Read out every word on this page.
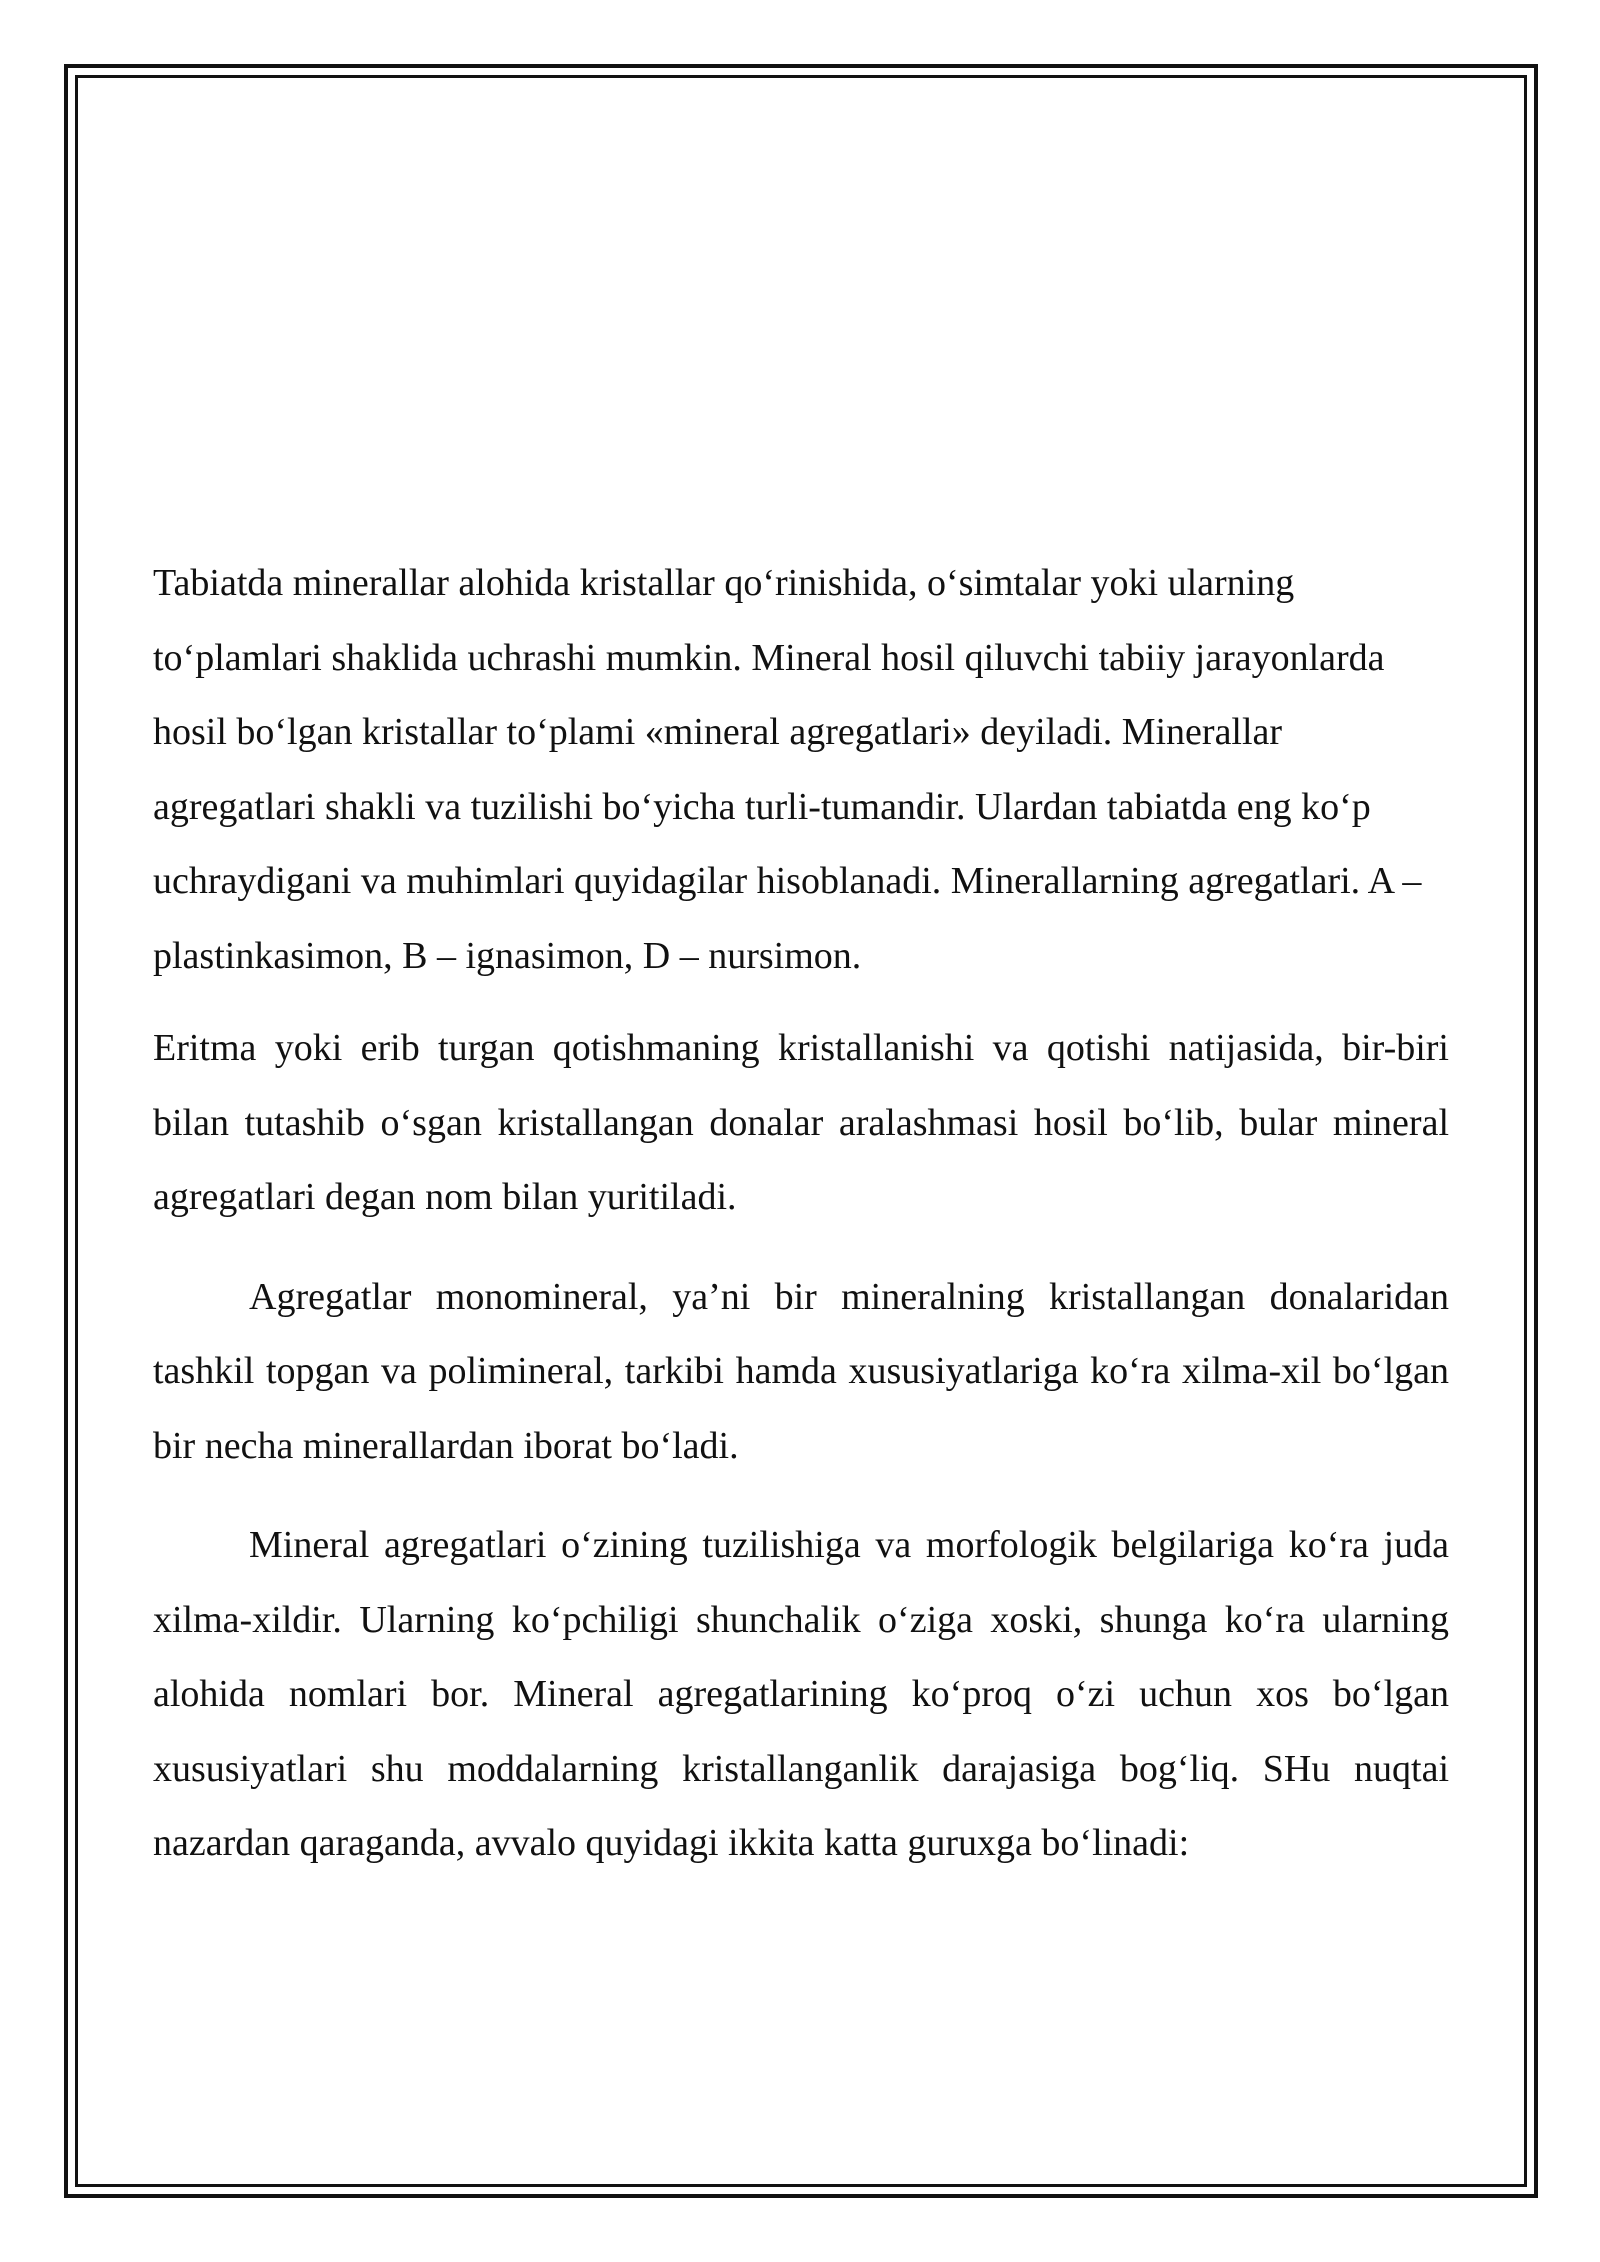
Tabiatda minerallar alohida kristallar qo‘rinishida, o‘simtalar yoki ularning to‘plamlari shaklida uchrashi mumkin. Mineral hosil qiluvchi tabiiy jarayonlarda hosil bo‘lgan kristallar to‘plami «mineral agregatlari» deyiladi. Minerallar agregatlari shakli va tuzilishi bo‘yicha turli-tumandir. Ulardan tabiatda eng ko‘p uchraydigani va muhimlari quyidagilar hisoblanadi. Minerallarning agregatlari. A – plastinkasimon, B – ignasimon, D – nursimon.

Eritma yoki erib turgan qotishmaning kristallanishi va qotishi natijasida, bir-biri bilan tutashib o‘sgan kristallangan donalar aralashmasi hosil bo‘lib, bular mineral agregatlari degan nom bilan yuritiladi.

Agregatlar monomineral, ya’ni bir mineralning kristallangan donalaridan tashkil topgan va polimineral, tarkibi hamda xususiyatlariga ko‘ra xilma-xil bo‘lgan bir necha minerallardan iborat bo‘ladi.

Mineral agregatlari o‘zining tuzilishiga va morfologik belgilariga ko‘ra juda xilma-xildir. Ularning ko‘pchiligi shunchalik o‘ziga xoski, shunga ko‘ra ularning alohida nomlari bor. Mineral agregatlarining ko‘proq o‘zi uchun xos bo‘lgan xususiyatlari shu moddalarning kristallanganlik darajasiga bog‘liq. SHu nuqtai nazardan qaraganda, avvalo quyidagi ikkita katta guruxga bo‘linadi:
